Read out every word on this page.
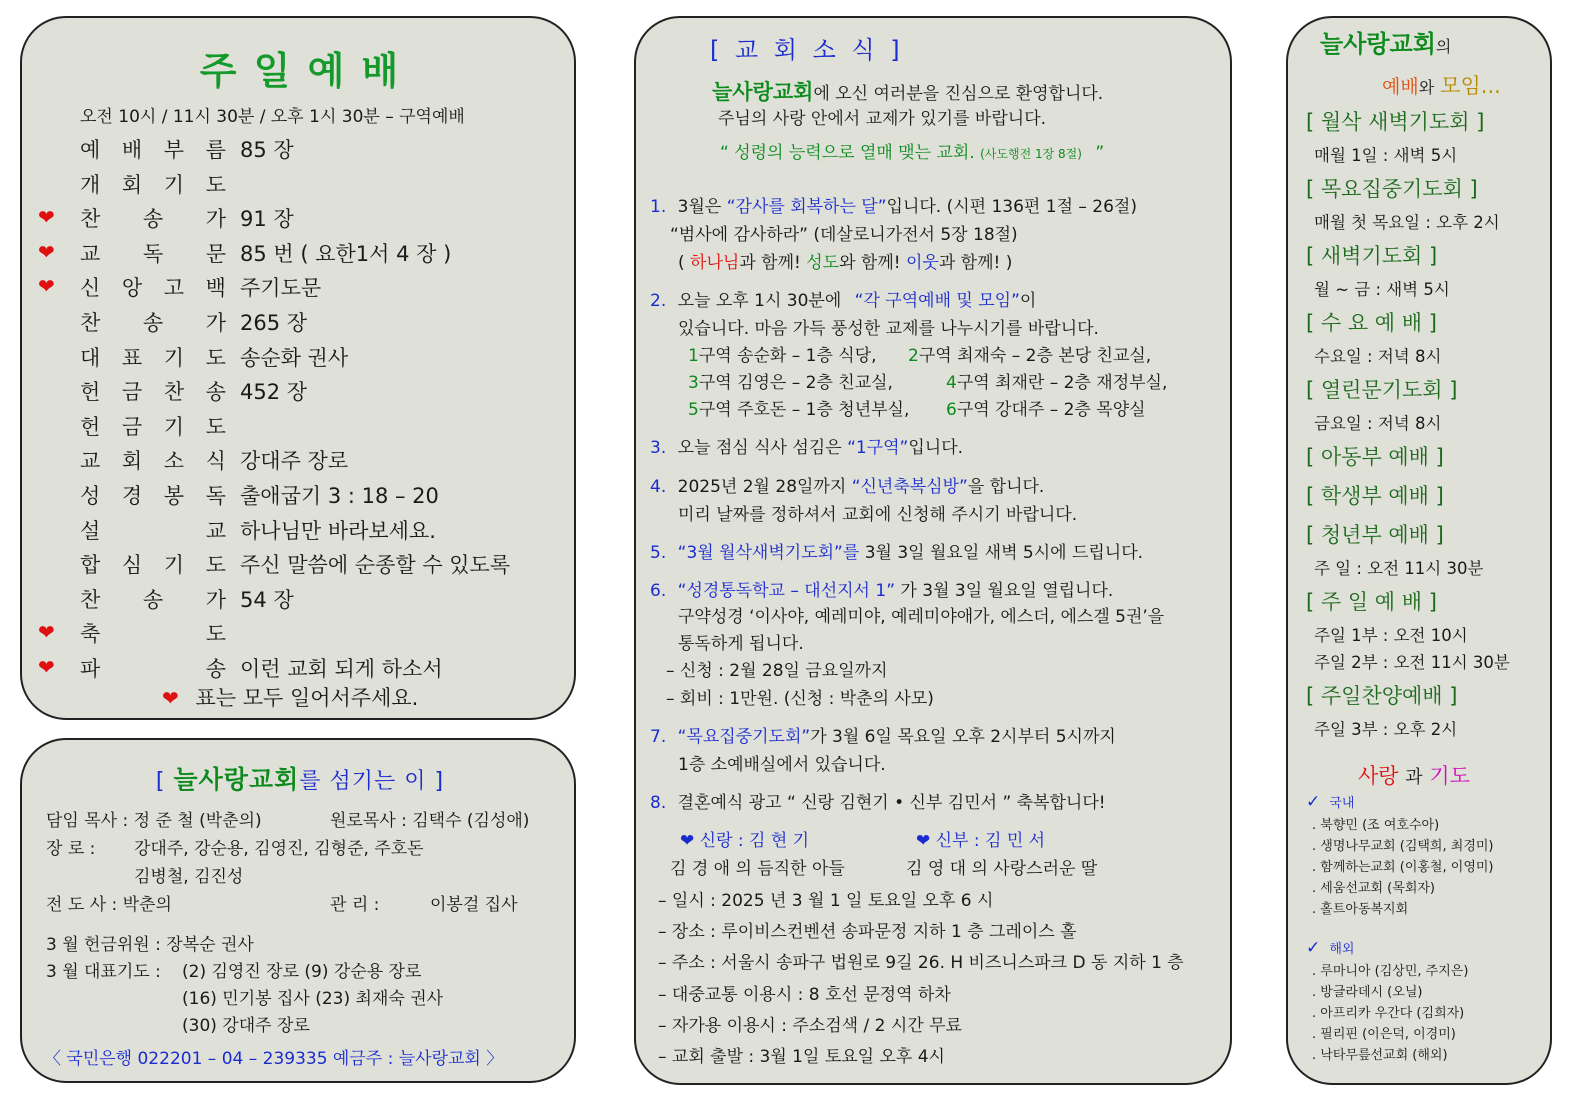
주 일 예 배
오전 10시 / 11시 30분 / 오후 1시 30분 – 구역예배
예 배 부 름 85 장
개 회 기 도
❤ 찬 송 가 91 장
❤ 교 독 문 85 번 ( 요한1서 4 장 )
❤ 신 앙 고 백 주기도문
찬 송 가 265 장
대 표 기 도 송순화 권사
헌 금 찬 송 452 장
헌 금 기 도
교 회 소 식 강대주 장로
성 경 봉 독 출애굽기 3 : 18 – 20
설	교 하나님만 바라보세요.
합 심 기 도 주신 말씀에 순종할 수 있도록
찬 송 가 54 장
❤ 축	도
❤ 파	송 이런 교회 되게 하소서
❤ 표는 모두 일어서주세요.
[ 늘사랑교회를 섬기는 이 ]
담임 목사 : 정 준 철 (박춘의)	원로목사 : 김택수 (김성애)
장 로 : 강대주, 강순용, 김영진, 김형준, 주호돈
김병철, 김진성
전 도 사 : 박춘의	관 리 :	이봉걸 집사
3 월 헌금위원 : 장복순 권사
3 월 대표기도 : (2) 김영진 장로 (9) 강순용 장로
(16) 민기봉 집사 (23) 최재숙 권사
(30) 강대주 장로
〈 국민은행 022201 – 04 – 239335 예금주 : 늘사랑교회 〉
[ 교 회 소 식 ]
늘사랑교회에 오신 여러분을 진심으로 환영합니다.
주님의 사랑 안에서 교제가 있기를 바랍니다.
“ 성령의 능력으로 열매 맺는 교회. (사도행전 1장 8절) ”
1. 3월은 “감사를 회복하는 달”입니다. (시편 136편 1절 – 26절)
“범사에 감사하라” (데살로니가전서 5장 18절)
( 하나님과 함께! 성도와 함께! 이웃과 함께! )
2. 오늘 오후 1시 30분에 “각 구역예배 및 모임”이
있습니다. 마음 가득 풍성한 교제를 나누시기를 바랍니다.
1구역 송순화 – 1층 식당, 2구역 최재숙 – 2층 본당 친교실,
3구역 김영은 – 2층 친교실,	4구역 최재란 – 2층 재정부실,
5구역 주호돈 – 1층 청년부실, 6구역 강대주 – 2층 목양실
3. 오늘 점심 식사 섬김은 “1구역”입니다.
4. 2025년 2월 28일까지 “신년축복심방”을 합니다.
미리 날짜를 정하셔서 교회에 신청해 주시기 바랍니다.
5. “3월 월삭새벽기도회”를 3월 3일 월요일 새벽 5시에 드립니다.
6. “성경통독학교 – 대선지서 1” 가 3월 3일 월요일 열립니다.
구약성경 ‘이사야, 예레미야, 예레미야애가, 에스더, 에스겔 5권’을
통독하게 됩니다.
– 신청 : 2월 28일 금요일까지
– 회비 : 1만원. (신청 : 박춘의 사모)
7. “목요집중기도회”가 3월 6일 목요일 오후 2시부터 5시까지
1층 소예배실에서 있습니다.
8. 결혼예식 광고 “ 신랑 김현기 • 신부 김민서 ” 축복합니다!
❤ 신랑 : 김 현 기	❤ 신부 : 김 민 서
김 경 애 의 듬직한 아들	김 영 대 의 사랑스러운 딸
– 일시 : 2025 년 3 월 1 일 토요일 오후 6 시
– 장소 : 루이비스컨벤션 송파문정 지하 1 층 그레이스 홀
– 주소 : 서울시 송파구 법원로 9길 26. H 비즈니스파크 D 동 지하 1 층
– 대중교통 이용시 : 8 호선 문정역 하차
– 자가용 이용시 : 주소검색 / 2 시간 무료
– 교회 출발 : 3월 1일 토요일 오후 4시
늘사랑교회의
예배와 모임...
[ 월삭 새벽기도회 ]
매월 1일 : 새벽 5시
[ 목요집중기도회 ]
매월 첫 목요일 : 오후 2시
[ 새벽기도회 ]
월 ~ 금 : 새벽 5시
[ 수 요 예 배 ]
수요일 : 저녁 8시
[ 열린문기도회 ]
금요일 : 저녁 8시
[ 아동부 예배 ]
[ 학생부 예배 ]
[ 청년부 예배 ]
주 일 : 오전 11시 30분
[ 주 일 예 배 ]
주일 1부 : 오전 10시
주일 2부 : 오전 11시 30분
[ 주일찬양예배 ]
주일 3부 : 오후 2시
사랑 과 기도
✓ 국내
. 북향민 (조 여호수아)
. 생명나무교회 (김택희, 최경미)
. 함께하는교회 (이홍철, 이영미)
. 세움선교회 (목회자)
. 홀트아동복지회
✓ 해외
. 루마니아 (김상민, 주지은)
. 방글라데시 (오닐)
. 아프리카 우간다 (김희자)
. 필리핀 (이은덕, 이경미)
. 낙타무릎선교회 (해외)
